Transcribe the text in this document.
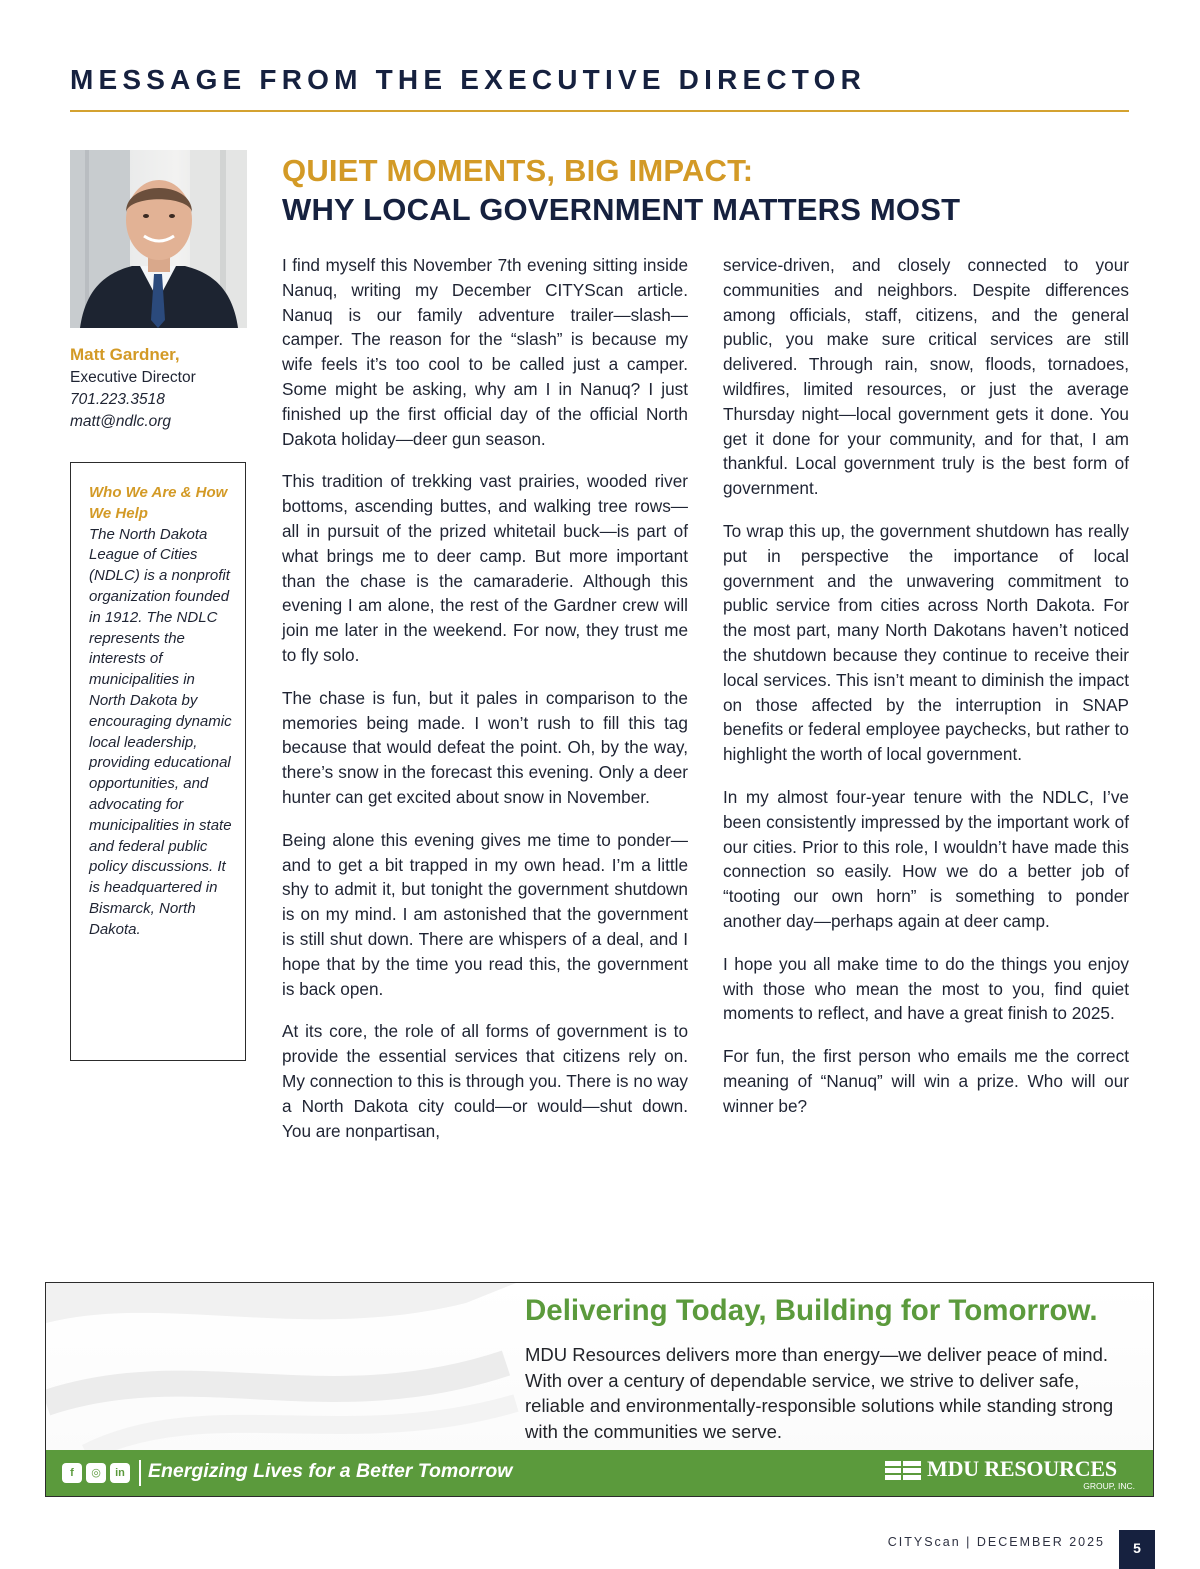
MESSAGE FROM THE EXECUTIVE DIRECTOR
Matt Gardner,
Executive Director
701.223.3518
matt@ndlc.org
Who We Are & How We Help

The North Dakota League of Cities (NDLC) is a nonprofit organization founded in 1912. The NDLC represents the interests of municipalities in North Dakota by encouraging dynamic local leadership, providing educational opportunities, and advocating for municipalities in state and federal public policy discussions. It is headquartered in Bismarck, North Dakota.

QUIET MOMENTS, BIG IMPACT:
WHY LOCAL GOVERNMENT MATTERS MOST

I find myself this November 7th evening sitting inside Nanuq, writing my December CITYScan article. Nanuq is our family adventure trailer—slash—camper. The reason for the “slash” is because my wife feels it’s too cool to be called just a camper. Some might be asking, why am I in Nanuq? I just finished up the first official day of the official North Dakota holiday—deer gun season.

This tradition of trekking vast prairies, wooded river bottoms, ascending buttes, and walking tree rows—all in pursuit of the prized whitetail buck—is part of what brings me to deer camp. But more important than the chase is the camaraderie. Although this evening I am alone, the rest of the Gardner crew will join me later in the weekend. For now, they trust me to fly solo.

The chase is fun, but it pales in comparison to the memories being made. I won’t rush to fill this tag because that would defeat the point. Oh, by the way, there’s snow in the forecast this evening. Only a deer hunter can get excited about snow in November.

Being alone this evening gives me time to ponder—and to get a bit trapped in my own head. I’m a little shy to admit it, but tonight the government shutdown is on my mind. I am astonished that the government is still shut down. There are whispers of a deal, and I hope that by the time you read this, the government is back open.

At its core, the role of all forms of government is to provide the essential services that citizens rely on. My connection to this is through you. There is no way a North Dakota city could—or would—shut down. You are nonpartisan,

service-driven, and closely connected to your communities and neighbors. Despite differences among officials, staff, citizens, and the general public, you make sure critical services are still delivered. Through rain, snow, floods, tornadoes, wildfires, limited resources, or just the average Thursday night—local government gets it done. You get it done for your community, and for that, I am thankful. Local government truly is the best form of government.

To wrap this up, the government shutdown has really put in perspective the importance of local government and the unwavering commitment to public service from cities across North Dakota. For the most part, many North Dakotans haven’t noticed the shutdown because they continue to receive their local services. This isn’t meant to diminish the impact on those affected by the interruption in SNAP benefits or federal employee paychecks, but rather to highlight the worth of local government.

In my almost four-year tenure with the NDLC, I’ve been consistently impressed by the important work of our cities. Prior to this role, I wouldn’t have made this connection so easily. How we do a better job of “tooting our own horn” is something to ponder another day—perhaps again at deer camp.

I hope you all make time to do the things you enjoy with those who mean the most to you, find quiet moments to reflect, and have a great finish to 2025.

For fun, the first person who emails me the correct meaning of “Nanuq” will win a prize. Who will our winner be?

Delivering Today, Building for Tomorrow.

MDU Resources delivers more than energy—we deliver peace of mind. With over a century of dependable service, we strive to deliver safe, reliable and environmentally-responsible solutions while standing strong with the communities we serve.

f	◎	in Energizing Lives for a Better Tomorrow	MDU RESOURCES
GROUP, INC.
CITYScan | DECEMBER 2025	5
